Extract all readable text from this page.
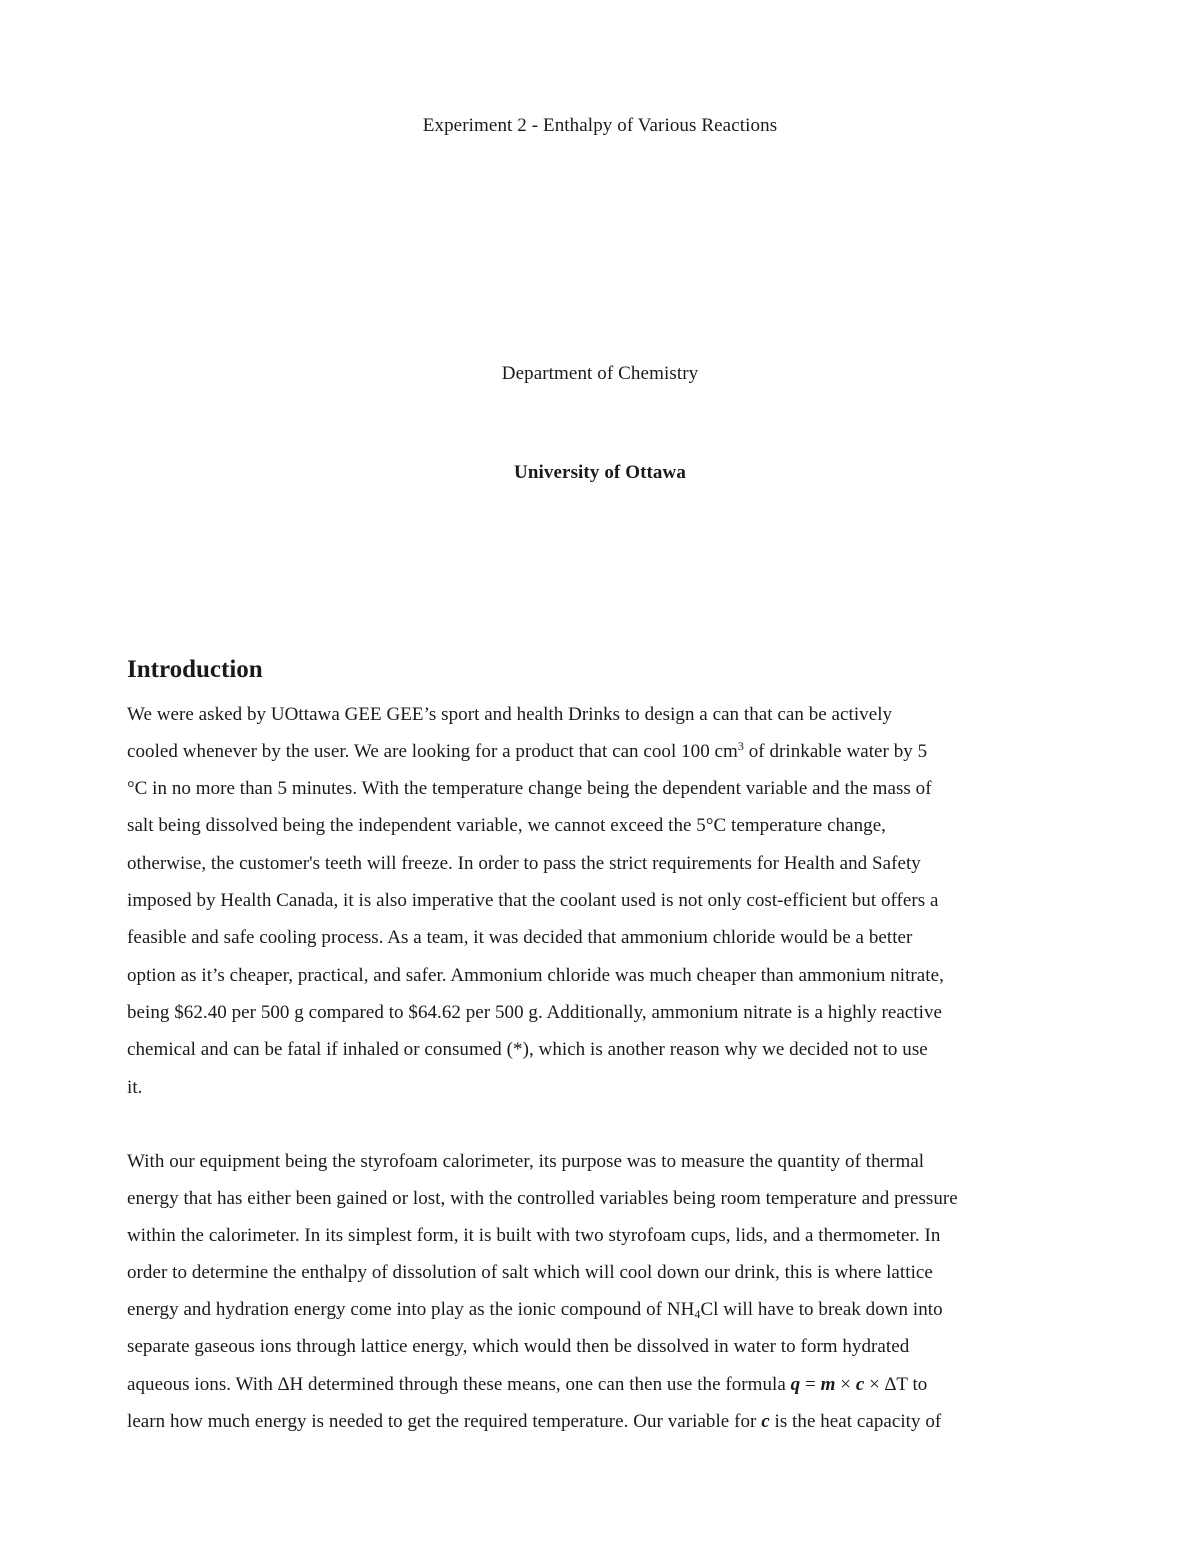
Experiment 2 - Enthalpy of Various Reactions
Department of Chemistry
University of Ottawa
Introduction
We were asked by UOttawa GEE GEE’s sport and health Drinks to design a can that can be actively
cooled whenever by the user. We are looking for a product that can cool 100 $cm^3$ of drinkable water by 5
°C in no more than 5 minutes. With the temperature change being the dependent variable and the mass of
salt being dissolved being the independent variable, we cannot exceed the 5°C temperature change,
otherwise, the customer's teeth will freeze. In order to pass the strict requirements for Health and Safety
imposed by Health Canada, it is also imperative that the coolant used is not only cost-efficient but offers a
feasible and safe cooling process. As a team, it was decided that ammonium chloride would be a better
option as it’s cheaper, practical, and safer. Ammonium chloride was much cheaper than ammonium nitrate,
being $62.40 per 500 g compared to $64.62 per 500 g. Additionally, ammonium nitrate is a highly reactive
chemical and can be fatal if inhaled or consumed (*), which is another reason why we decided not to use
it.
With our equipment being the styrofoam calorimeter, its purpose was to measure the quantity of thermal
energy that has either been gained or lost, with the controlled variables being room temperature and pressure
within the calorimeter. In its simplest form, it is built with two styrofoam cups, lids, and a thermometer. In
order to determine the enthalpy of dissolution of salt which will cool down our drink, this is where lattice
energy and hydration energy come into play as the ionic compound of $NH_4Cl$ will have to break down into
separate gaseous ions through lattice energy, which would then be dissolved in water to form hydrated
aqueous ions. With ∆H determined through these means, one can then use the formula q = m × c × ∆T to
learn how much energy is needed to get the required temperature. Our variable for c is the heat capacity of
